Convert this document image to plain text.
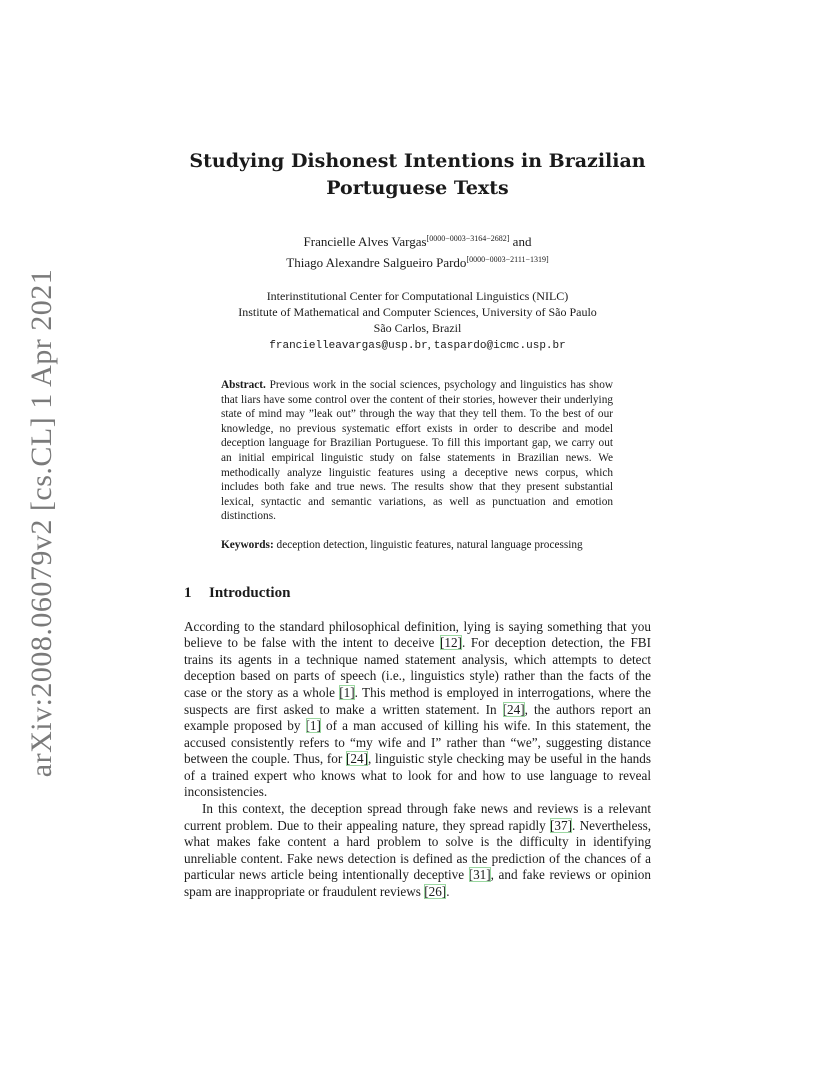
arXiv:2008.06079v2 [cs.CL] 1 Apr 2021
Studying Dishonest Intentions in Brazilian
Portuguese Texts
Francielle Alves Vargas[0000−0003−3164−2682] and
Thiago Alexandre Salgueiro Pardo[0000−0003−2111−1319]
Interinstitutional Center for Computational Linguistics (NILC)
Institute of Mathematical and Computer Sciences, University of São Paulo
São Carlos, Brazil
francielleavargas@usp.br, taspardo@icmc.usp.br
Abstract. Previous work in the social sciences, psychology and linguistics has show that liars have some control over the content of their stories, however their underlying state of mind may ”leak out” through the way that they tell them. To the best of our knowledge, no previous systematic effort exists in order to describe and model deception language for Brazilian Portuguese. To fill this important gap, we carry out an initial empirical linguistic study on false statements in Brazilian news. We methodically analyze linguistic features using a deceptive news corpus, which includes both fake and true news. The results show that they present substantial lexical, syntactic and semantic variations, as well as punctuation and emotion distinctions.
Keywords: deception detection, linguistic features, natural language processing
1 Introduction

According to the standard philosophical definition, lying is saying something that you believe to be false with the intent to deceive [12]. For deception detection, the FBI trains its agents in a technique named statement analysis, which attempts to detect deception based on parts of speech (i.e., linguistics style) rather than the facts of the case or the story as a whole [1]. This method is employed in interrogations, where the suspects are first asked to make a written statement. In [24], the authors report an example proposed by [1] of a man accused of killing his wife. In this statement, the accused consistently refers to “my wife and I” rather than “we”, suggesting distance between the couple. Thus, for [24], linguistic style checking may be useful in the hands of a trained expert who knows what to look for and how to use language to reveal inconsistencies.

In this context, the deception spread through fake news and reviews is a relevant current problem. Due to their appealing nature, they spread rapidly [37]. Nevertheless, what makes fake content a hard problem to solve is the difficulty in identifying unreliable content. Fake news detection is defined as the prediction of the chances of a particular news article being intentionally deceptive [31], and fake reviews or opinion spam are inappropriate or fraudulent reviews [26].
